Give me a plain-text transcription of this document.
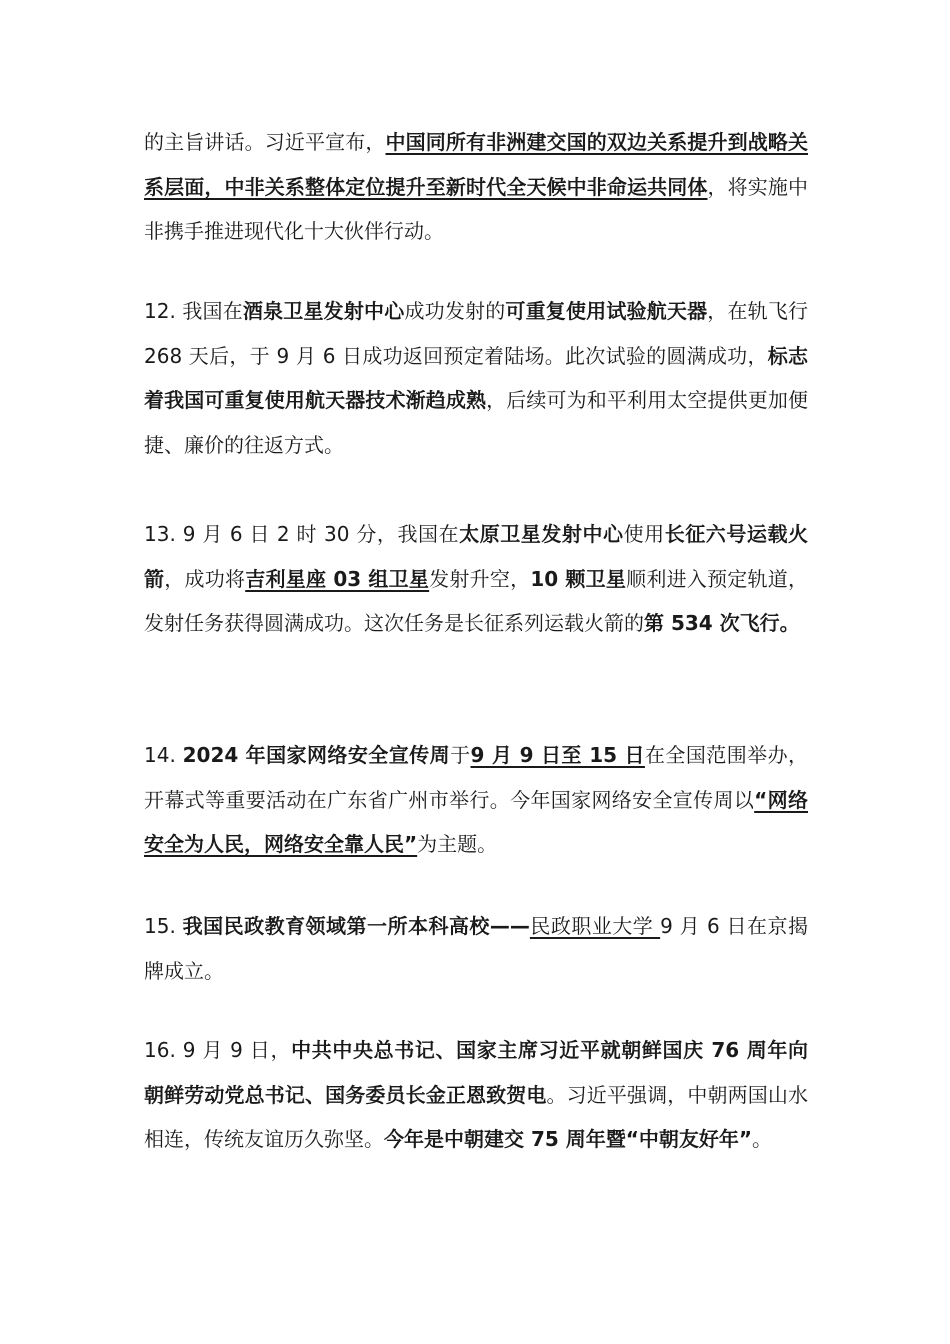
的主旨讲话。习近平宣布，中国同所有非洲建交国的双边关系提升到战略关系层面，中非关系整体定位提升至新时代全天候中非命运共同体，将实施中非携手推进现代化十大伙伴行动。

12. 我国在酒泉卫星发射中心成功发射的可重复使用试验航天器，在轨飞行 268 天后，于 9 月 6 日成功返回预定着陆场。此次试验的圆满成功，标志着我国可重复使用航天器技术渐趋成熟，后续可为和平利用太空提供更加便捷、廉价的往返方式。

13. 9 月 6 日 2 时 30 分，我国在太原卫星发射中心使用长征六号运载火箭，成功将吉利星座 03 组卫星发射升空，10 颗卫星顺利进入预定轨道，发射任务获得圆满成功。这次任务是长征系列运载火箭的第 534 次飞行。

14. 2024 年国家网络安全宣传周于9 月 9 日至 15 日在全国范围举办，开幕式等重要活动在广东省广州市举行。今年国家网络安全宣传周以“网络安全为人民，网络安全靠人民”为主题。

15. 我国民政教育领域第一所本科高校——民政职业大学 9 月 6 日在京揭牌成立。

16. 9 月 9 日，中共中央总书记、国家主席习近平就朝鲜国庆 76 周年向朝鲜劳动党总书记、国务委员长金正恩致贺电。习近平强调，中朝两国山水相连，传统友谊历久弥坚。今年是中朝建交 75 周年暨“中朝友好年”。
